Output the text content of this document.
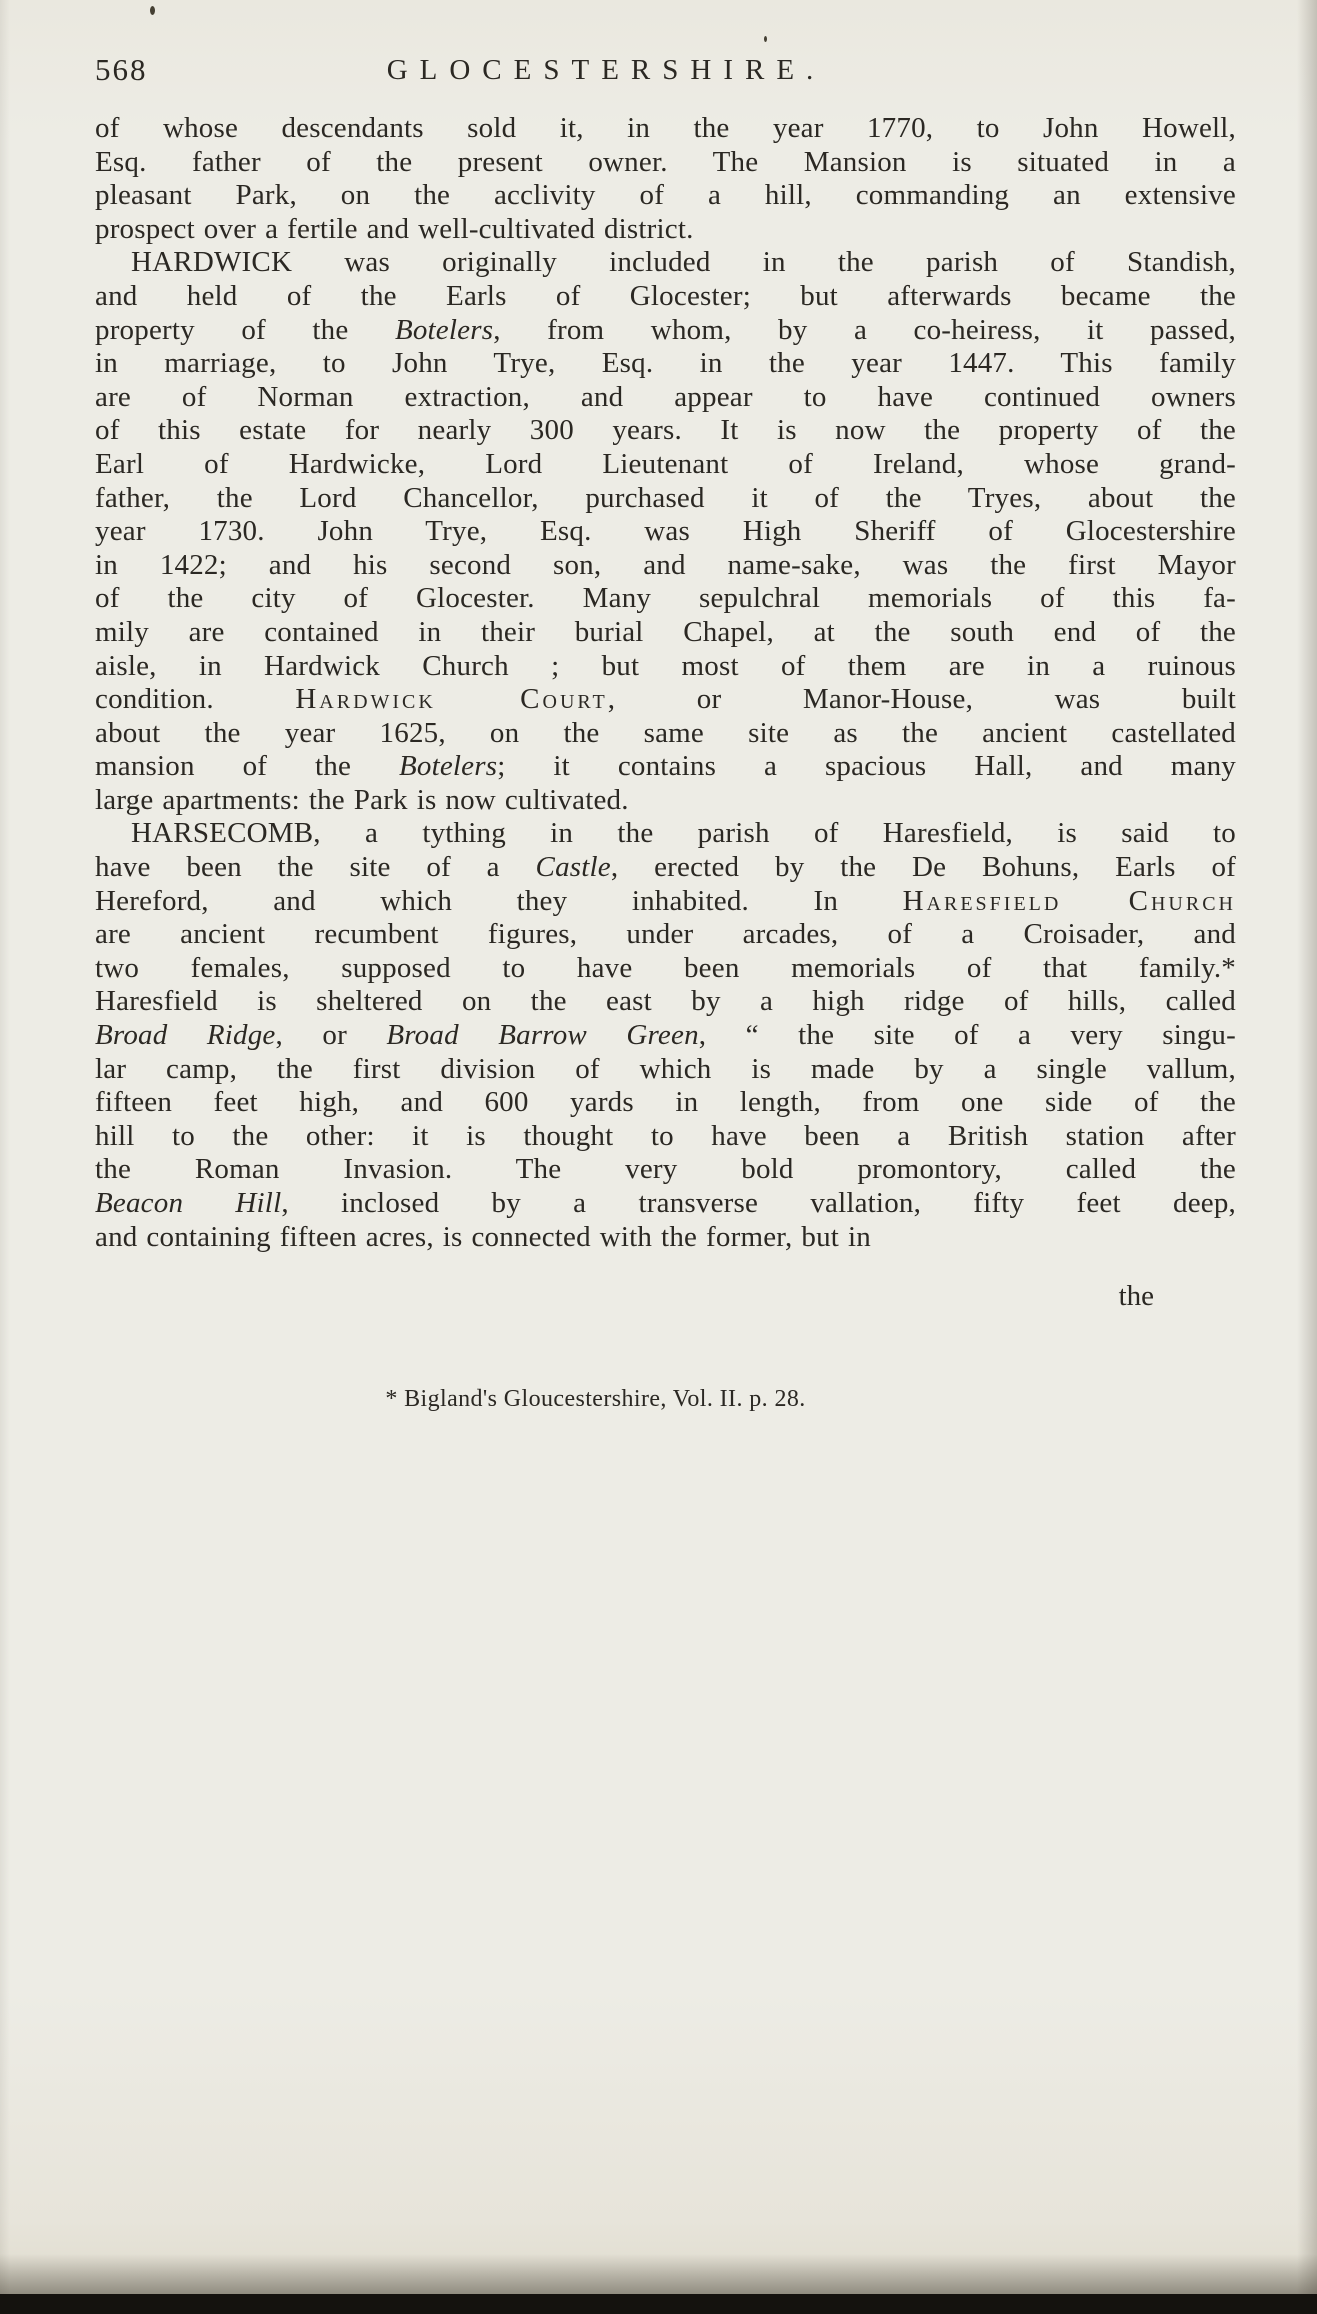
568	GLOCESTERSHIRE.
of whose descendants sold it, in the year 1770, to John Howell,
Esq. father of the present owner. The Mansion is situated in a
pleasant Park, on the acclivity of a hill, commanding an extensive
prospect over a fertile and well-cultivated district.
HARDWICK was originally included in the parish of Standish,
and held of the Earls of Glocester; but afterwards became the
property of the Botelers, from whom, by a co-heiress, it passed,
in marriage, to John Trye, Esq. in the year 1447. This family
are of Norman extraction, and appear to have continued owners
of this estate for nearly 300 years. It is now the property of the
Earl of Hardwicke, Lord Lieutenant of Ireland, whose grand-
father, the Lord Chancellor, purchased it of the Tryes, about the
year 1730. John Trye, Esq. was High Sheriff of Glocestershire
in 1422; and his second son, and name-sake, was the first Mayor
of the city of Glocester. Many sepulchral memorials of this fa-
mily are contained in their burial Chapel, at the south end of the
aisle, in Hardwick Church ; but most of them are in a ruinous
condition. Hardwick Court, or Manor-House, was built
about the year 1625, on the same site as the ancient castellated
mansion of the Botelers; it contains a spacious Hall, and many
large apartments: the Park is now cultivated.
HARSECOMB, a tything in the parish of Haresfield, is said to
have been the site of a Castle, erected by the De Bohuns, Earls of
Hereford, and which they inhabited. In Haresfield Church
are ancient recumbent figures, under arcades, of a Croisader, and
two females, supposed to have been memorials of that family.*
Haresfield is sheltered on the east by a high ridge of hills, called
Broad Ridge, or Broad Barrow Green, “ the site of a very singu-
lar camp, the first division of which is made by a single vallum,
fifteen feet high, and 600 yards in length, from one side of the
hill to the other: it is thought to have been a British station after
the Roman Invasion. The very bold promontory, called the
Beacon Hill, inclosed by a transverse vallation, fifty feet deep,
and containing fifteen acres, is connected with the former, but in
the
* Bigland's Gloucestershire, Vol. II. p. 28.
